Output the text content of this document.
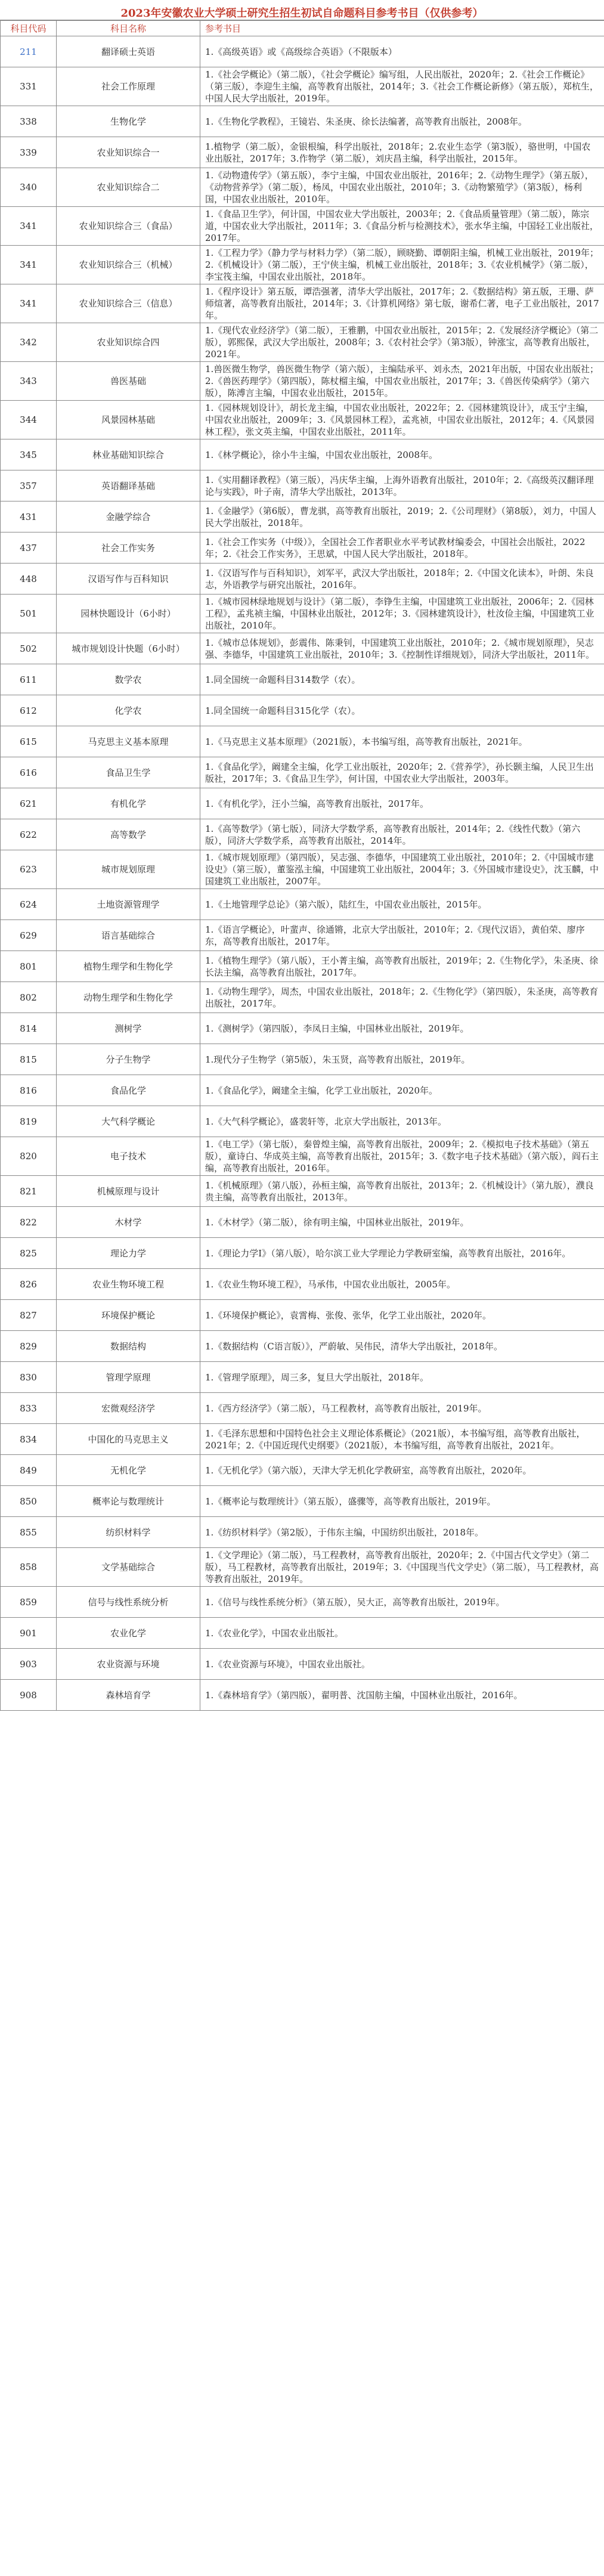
2023年安徽农业大学硕士研究生招生初试自命题科目参考书目（仅供参考）
科目代码	科目名称	参考书目
211	翻译硕士英语	1.《高级英语》或《高级综合英语》（不限版本）
331	社会工作原理	1.《社会学概论》（第二版），《社会学概论》编写组，人民出版社，2020年；2.《社会工作概论》（第三版），李迎生主编，高等教育出版社，2014年；3.《社会工作概论新修》（第五版），郑杭生，中国人民大学出版社，2019年。
338	生物化学	1.《生物化学教程》，王镜岩、朱圣庚、徐长法编著，高等教育出版社，2008年。
339	农业知识综合一	1.植物学（第二版），金银根编，科学出版社，2018年；2.农业生态学（第3版），骆世明，中国农业出版社，2017年；3.作物学（第二版），刘庆昌主编，科学出版社，2015年。
340	农业知识综合二	1.《动物遗传学》（第五版），李宁主编，中国农业出版社，2016年；2.《动物生理学》（第五版），《动物营养学》（第二版），杨凤，中国农业出版社，2010年；3.《动物繁殖学》（第3版），杨利国，中国农业出版社，2010年。
341	农业知识综合三（食品）	1.《食品卫生学》，何计国，中国农业大学出版社，2003年；2.《食品质量管理》（第二版），陈宗道，中国农业大学出版社，2011年；3.《食品分析与检测技术》，张水华主编，中国轻工业出版社，2017年。
341	农业知识综合三（机械）	1.《工程力学》（静力学与材料力学）（第二版），顾晓勤、谭朝阳主编，机械工业出版社，2019年；2.《机械设计》（第二版），王宁侠主编，机械工业出版社，2018年；3.《农业机械学》（第二版），李宝筏主编，中国农业出版社，2018年。
341	农业知识综合三（信息）	1.《程序设计》第五版，谭浩强著，清华大学出版社，2017年；2.《数据结构》第五版，王珊、萨师煊著，高等教育出版社，2014年；3.《计算机网络》第七版，谢希仁著，电子工业出版社，2017年。
342	农业知识综合四	1.《现代农业经济学》（第二版），王雅鹏，中国农业出版社，2015年；2.《发展经济学概论》（第二版），郭熙保，武汉大学出版社，2008年；3.《农村社会学》（第3版），钟涨宝，高等教育出版社，2021年。
343	兽医基础	1.兽医微生物学，兽医微生物学（第六版），主编陆承平、刘永杰，2021年出版，中国农业出版社；2.《兽医药理学》（第四版），陈杖榴主编，中国农业出版社，2017年；3.《兽医传染病学》（第六版），陈溥言主编，中国农业出版社，2015年。
344	风景园林基础	1.《园林规划设计》，胡长龙主编，中国农业出版社，2022年；2.《园林建筑设计》，成玉宁主编，中国农业出版社，2009年；3.《风景园林工程》，孟兆祯，中国农业出版社，2012年；4.《风景园林工程》，张文英主编，中国农业出版社，2011年。
345	林业基础知识综合	1.《林学概论》，徐小牛主编，中国农业出版社，2008年。
357	英语翻译基础	1.《实用翻译教程》（第三版），冯庆华主编，上海外语教育出版社，2010年；2.《高级英汉翻译理论与实践》，叶子南，清华大学出版社，2013年。
431	金融学综合	1.《金融学》（第6版），曹龙骐，高等教育出版社，2019；2.《公司理财》（第8版），刘力，中国人民大学出版社，2018年。
437	社会工作实务	1.《社会工作实务（中级）》，全国社会工作者职业水平考试教材编委会，中国社会出版社，2022年；2.《社会工作实务》，王思斌，中国人民大学出版社，2018年。
448	汉语写作与百科知识	1.《汉语写作与百科知识》，刘军平，武汉大学出版社，2018年；2.《中国文化读本》，叶朗、朱良志，外语教学与研究出版社，2016年。
501	园林快题设计（6小时）	1.《城市园林绿地规划与设计》（第二版），李铮生主编，中国建筑工业出版社，2006年；2.《园林工程》，孟兆祯主编，中国林业出版社，2012年；3.《园林建筑设计》，杜汝俭主编，中国建筑工业出版社，2010年。
502	城市规划设计快题（6小时）	1.《城市总体规划》，彭震伟、陈秉钊，中国建筑工业出版社，2010年；2.《城市规划原理》，吴志强、李德华，中国建筑工业出版社，2010年；3.《控制性详细规划》，同济大学出版社，2011年。
611	数学农	1.同全国统一命题科目314数学（农）。
612	化学农	1.同全国统一命题科目315化学（农）。
615	马克思主义基本原理	1.《马克思主义基本原理》（2021版），本书编写组，高等教育出版社，2021年。
616	食品卫生学	1.《食品化学》，阚建全主编，化学工业出版社，2020年；2.《营养学》，孙长颢主编，人民卫生出版社，2017年；3.《食品卫生学》，何计国，中国农业大学出版社，2003年。
621	有机化学	1.《有机化学》，汪小兰编，高等教育出版社，2017年。
622	高等数学	1.《高等数学》（第七版），同济大学数学系，高等教育出版社，2014年；2.《线性代数》（第六版），同济大学数学系，高等教育出版社，2014年。
623	城市规划原理	1.《城市规划原理》（第四版），吴志强、李德华，中国建筑工业出版社，2010年；2.《中国城市建设史》（第三版），董鉴泓主编，中国建筑工业出版社，2004年；3.《外国城市建设史》，沈玉麟，中国建筑工业出版社，2007年。
624	土地资源管理学	1.《土地管理学总论》（第六版），陆红生，中国农业出版社，2015年。
629	语言基础综合	1.《语言学概论》，叶蜚声、徐通锵，北京大学出版社，2010年；2.《现代汉语》，黄伯荣、廖序东，高等教育出版社，2017年。
801	植物生理学和生物化学	1.《植物生理学》（第八版），王小菁主编，高等教育出版社，2019年；2.《生物化学》，朱圣庚、徐长法主编，高等教育出版社，2017年。
802	动物生理学和生物化学	1.《动物生理学》，周杰，中国农业出版社，2018年；2.《生物化学》（第四版），朱圣庚，高等教育出版社，2017年。
814	测树学	1.《测树学》（第四版），李凤日主编，中国林业出版社，2019年。
815	分子生物学	1.现代分子生物学（第5版），朱玉贤，高等教育出版社，2019年。
816	食品化学	1.《食品化学》，阚建全主编，化学工业出版社，2020年。
819	大气科学概论	1.《大气科学概论》，盛裴轩等，北京大学出版社，2013年。
820	电子技术	1.《电工学》（第七版），秦曾煌主编，高等教育出版社，2009年；2.《模拟电子技术基础》（第五版），童诗白、华成英主编，高等教育出版社，2015年；3.《数字电子技术基础》（第六版），阎石主编，高等教育出版社，2016年。
821	机械原理与设计	1.《机械原理》（第八版），孙桓主编，高等教育出版社，2013年；2.《机械设计》（第九版），濮良贵主编，高等教育出版社，2013年。
822	木材学	1.《木材学》（第二版），徐有明主编，中国林业出版社，2019年。
825	理论力学	1.《理论力学Ⅰ》（第八版），哈尔滨工业大学理论力学教研室编，高等教育出版社，2016年。
826	农业生物环境工程	1.《农业生物环境工程》，马承伟，中国农业出版社，2005年。
827	环境保护概论	1.《环境保护概论》，袁霄梅、张俊、张华，化学工业出版社，2020年。
829	数据结构	1.《数据结构（C语言版）》，严蔚敏、吴伟民，清华大学出版社，2018年。
830	管理学原理	1.《管理学原理》，周三多，复旦大学出版社，2018年。
833	宏微观经济学	1.《西方经济学》（第二版），马工程教材，高等教育出版社，2019年。
834	中国化的马克思主义	1.《毛泽东思想和中国特色社会主义理论体系概论》（2021版），本书编写组，高等教育出版社，2021年；2.《中国近现代史纲要》（2021版），本书编写组，高等教育出版社，2021年。
849	无机化学	1.《无机化学》（第六版），天津大学无机化学教研室，高等教育出版社，2020年。
850	概率论与数理统计	1.《概率论与数理统计》（第五版），盛骤等，高等教育出版社，2019年。
855	纺织材料学	1.《纺织材料学》（第2版），于伟东主编，中国纺织出版社，2018年。
858	文学基础综合	1.《文学理论》（第二版），马工程教材，高等教育出版社，2020年；2.《中国古代文学史》（第二版），马工程教材，高等教育出版社，2019年；3.《中国现当代文学史》（第二版），马工程教材，高等教育出版社，2019年。
859	信号与线性系统分析	1.《信号与线性系统分析》（第五版），吴大正，高等教育出版社，2019年。
901	农业化学	1.《农业化学》，中国农业出版社。
903	农业资源与环境	1.《农业资源与环境》，中国农业出版社。
908	森林培育学	1.《森林培育学》（第四版），翟明普、沈国舫主编，中国林业出版社，2016年。
